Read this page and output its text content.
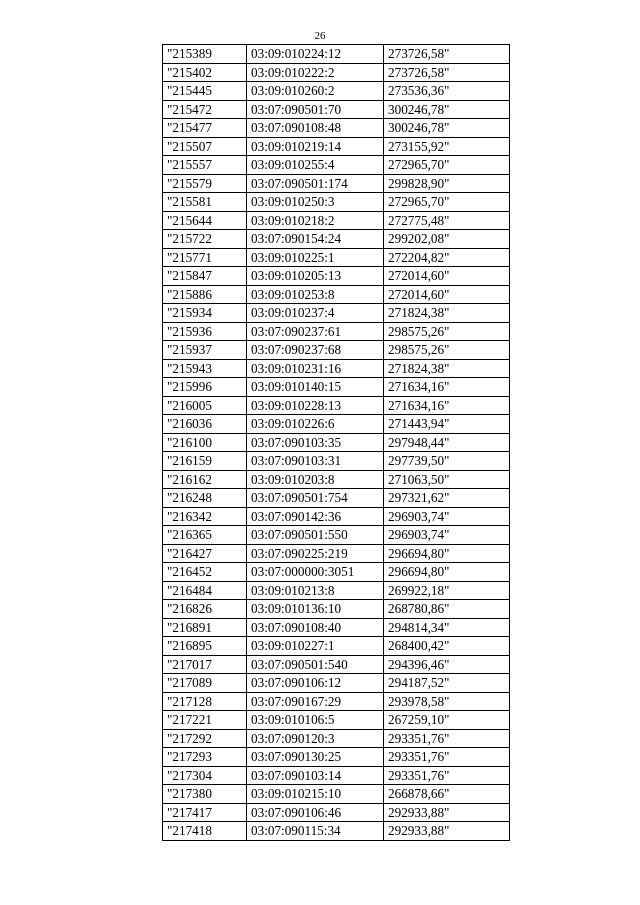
26
"215389	03:09:010224:12	273726,58"
"215402	03:09:010222:2	273726,58"
"215445	03:09:010260:2	273536,36"
"215472	03:07:090501:70	300246,78"
"215477	03:07:090108:48	300246,78"
"215507	03:09:010219:14	273155,92"
"215557	03:09:010255:4	272965,70"
"215579	03:07:090501:174	299828,90"
"215581	03:09:010250:3	272965,70"
"215644	03:09:010218:2	272775,48"
"215722	03:07:090154:24	299202,08"
"215771	03:09:010225:1	272204,82"
"215847	03:09:010205:13	272014,60"
"215886	03:09:010253:8	272014,60"
"215934	03:09:010237:4	271824,38"
"215936	03:07:090237:61	298575,26"
"215937	03:07:090237:68	298575,26"
"215943	03:09:010231:16	271824,38"
"215996	03:09:010140:15	271634,16"
"216005	03:09:010228:13	271634,16"
"216036	03:09:010226:6	271443,94"
"216100	03:07:090103:35	297948,44"
"216159	03:07:090103:31	297739,50"
"216162	03:09:010203:8	271063,50"
"216248	03:07:090501:754	297321,62"
"216342	03:07:090142:36	296903,74"
"216365	03:07:090501:550	296903,74"
"216427	03:07:090225:219	296694,80"
"216452	03:07:000000:3051	296694,80"
"216484	03:09:010213:8	269922,18"
"216826	03:09:010136:10	268780,86"
"216891	03:07:090108:40	294814,34"
"216895	03:09:010227:1	268400,42"
"217017	03:07:090501:540	294396,46"
"217089	03:07:090106:12	294187,52"
"217128	03:07:090167:29	293978,58"
"217221	03:09:010106:5	267259,10"
"217292	03:07:090120:3	293351,76"
"217293	03:07:090130:25	293351,76"
"217304	03:07:090103:14	293351,76"
"217380	03:09:010215:10	266878,66"
"217417	03:07:090106:46	292933,88"
"217418	03:07:090115:34	292933,88"
